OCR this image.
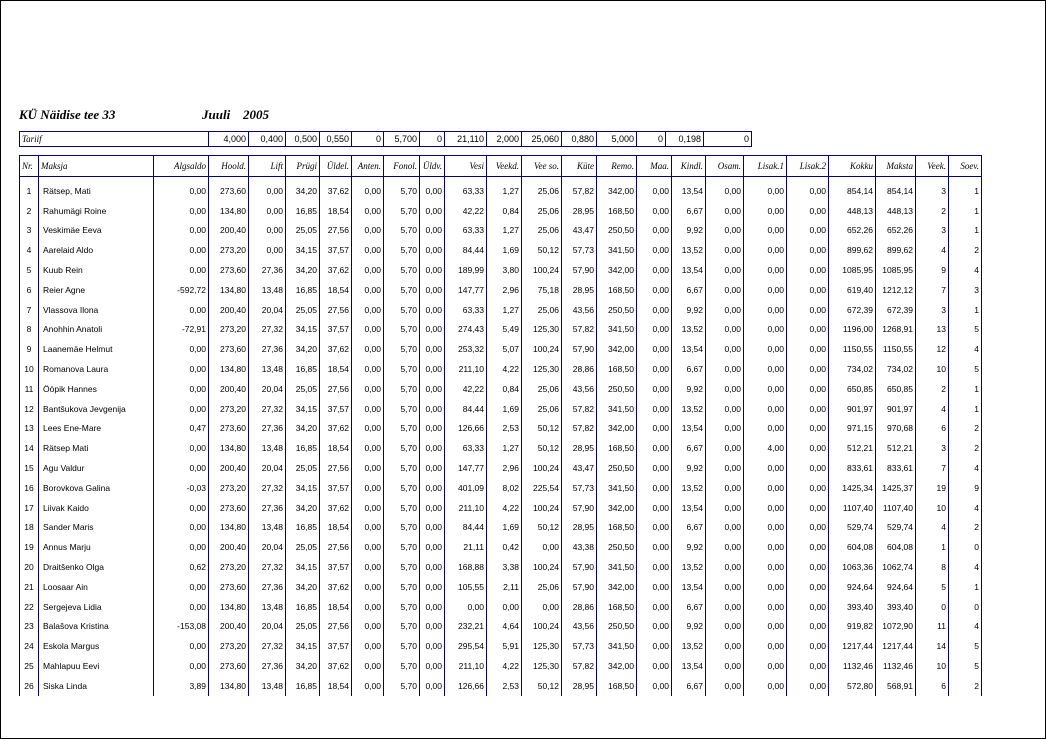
KÜ Näidise tee 33	Juuli 2005
Tariif	4,000	0,400	0,500	0,550	0	5,700	0	21,110	2,000	25,060	0,880	5,000	0	0,198	0
Nr.	Maksja	Algsaldo	Hoold.	Lift	Prügi	Üldel.	Anten.	Fonol.	Üldv.	Vesi	Veekd.	Vee so.	Küte	Remo.	Maa.	Kindl.	Osam.	Lisak.1	Lisak.2	Kokku	Maksta	Veek.	Soev.
1	Rätsep, Mati	0,00	273,60	0,00	34,20	37,62	0,00	5,70	0,00	63,33	1,27	25,06	57,82	342,00	0,00	13,54	0,00	0,00	0,00	854,14	854,14	3	1
2	Rahumägi Roine	0,00	134,80	0,00	16,85	18,54	0,00	5,70	0,00	42,22	0,84	25,06	28,95	168,50	0,00	6,67	0,00	0,00	0,00	448,13	448,13	2	1
3	Veskimäe Eeva	0,00	200,40	0,00	25,05	27,56	0,00	5,70	0,00	63,33	1,27	25,06	43,47	250,50	0,00	9,92	0,00	0,00	0,00	652,26	652,26	3	1
4	Aarelaid Aldo	0,00	273,20	0,00	34,15	37,57	0,00	5,70	0,00	84,44	1,69	50,12	57,73	341,50	0,00	13,52	0,00	0,00	0,00	899,62	899,62	4	2
5	Kuub Rein	0,00	273,60	27,36	34,20	37,62	0,00	5,70	0,00	189,99	3,80	100,24	57,90	342,00	0,00	13,54	0,00	0,00	0,00	1085,95	1085,95	9	4
6	Reier Agne	-592,72	134,80	13,48	16,85	18,54	0,00	5,70	0,00	147,77	2,96	75,18	28,95	168,50	0,00	6,67	0,00	0,00	0,00	619,40	1212,12	7	3
7	Vlassova Ilona	0,00	200,40	20,04	25,05	27,56	0,00	5,70	0,00	63,33	1,27	25,06	43,56	250,50	0,00	9,92	0,00	0,00	0,00	672,39	672,39	3	1
8	Anohhin Anatoli	-72,91	273,20	27,32	34,15	37,57	0,00	5,70	0,00	274,43	5,49	125,30	57,82	341,50	0,00	13,52	0,00	0,00	0,00	1196,00	1268,91	13	5
9	Laanemäe Helmut	0,00	273,60	27,36	34,20	37,62	0,00	5,70	0,00	253,32	5,07	100,24	57,90	342,00	0,00	13,54	0,00	0,00	0,00	1150,55	1150,55	12	4
10	Romanova Laura	0,00	134,80	13,48	16,85	18,54	0,00	5,70	0,00	211,10	4,22	125,30	28,86	168,50	0,00	6,67	0,00	0,00	0,00	734,02	734,02	10	5
11	Ööpik Hannes	0,00	200,40	20,04	25,05	27,56	0,00	5,70	0,00	42,22	0,84	25,06	43,56	250,50	0,00	9,92	0,00	0,00	0,00	650,85	650,85	2	1
12	Bantšukova Jevgenija	0,00	273,20	27,32	34,15	37,57	0,00	5,70	0,00	84,44	1,69	25,06	57,82	341,50	0,00	13,52	0,00	0,00	0,00	901,97	901,97	4	1
13	Lees Ene-Mare	0,47	273,60	27,36	34,20	37,62	0,00	5,70	0,00	126,66	2,53	50,12	57,82	342,00	0,00	13,54	0,00	0,00	0,00	971,15	970,68	6	2
14	Rätsep Mati	0,00	134,80	13,48	16,85	18,54	0,00	5,70	0,00	63,33	1,27	50,12	28,95	168,50	0,00	6,67	0,00	4,00	0,00	512,21	512,21	3	2
15	Agu Valdur	0,00	200,40	20,04	25,05	27,56	0,00	5,70	0,00	147,77	2,96	100,24	43,47	250,50	0,00	9,92	0,00	0,00	0,00	833,61	833,61	7	4
16	Borovkova Galina	-0,03	273,20	27,32	34,15	37,57	0,00	5,70	0,00	401,09	8,02	225,54	57,73	341,50	0,00	13,52	0,00	0,00	0,00	1425,34	1425,37	19	9
17	Liivak Kaido	0,00	273,60	27,36	34,20	37,62	0,00	5,70	0,00	211,10	4,22	100,24	57,90	342,00	0,00	13,54	0,00	0,00	0,00	1107,40	1107,40	10	4
18	Sander Maris	0,00	134,80	13,48	16,85	18,54	0,00	5,70	0,00	84,44	1,69	50,12	28,95	168,50	0,00	6,67	0,00	0,00	0,00	529,74	529,74	4	2
19	Annus Marju	0,00	200,40	20,04	25,05	27,56	0,00	5,70	0,00	21,11	0,42	0,00	43,38	250,50	0,00	9,92	0,00	0,00	0,00	604,08	604,08	1	0
20	Draitšenko Olga	0,62	273,20	27,32	34,15	37,57	0,00	5,70	0,00	168,88	3,38	100,24	57,90	341,50	0,00	13,52	0,00	0,00	0,00	1063,36	1062,74	8	4
21	Loosaar Ain	0,00	273,60	27,36	34,20	37,62	0,00	5,70	0,00	105,55	2,11	25,06	57,90	342,00	0,00	13,54	0,00	0,00	0,00	924,64	924,64	5	1
22	Sergejeva Lidia	0,00	134,80	13,48	16,85	18,54	0,00	5,70	0,00	0,00	0,00	0,00	28,86	168,50	0,00	6,67	0,00	0,00	0,00	393,40	393,40	0	0
23	Balašova Kristina	-153,08	200,40	20,04	25,05	27,56	0,00	5,70	0,00	232,21	4,64	100,24	43,56	250,50	0,00	9,92	0,00	0,00	0,00	919,82	1072,90	11	4
24	Eskola Margus	0,00	273,20	27,32	34,15	37,57	0,00	5,70	0,00	295,54	5,91	125,30	57,73	341,50	0,00	13,52	0,00	0,00	0,00	1217,44	1217,44	14	5
25	Mahlapuu Eevi	0,00	273,60	27,36	34,20	37,62	0,00	5,70	0,00	211,10	4,22	125,30	57,82	342,00	0,00	13,54	0,00	0,00	0,00	1132,46	1132,46	10	5
26	Siska Linda	3,89	134,80	13,48	16,85	18,54	0,00	5,70	0,00	126,66	2,53	50,12	28,95	168,50	0,00	6,67	0,00	0,00	0,00	572,80	568,91	6	2
